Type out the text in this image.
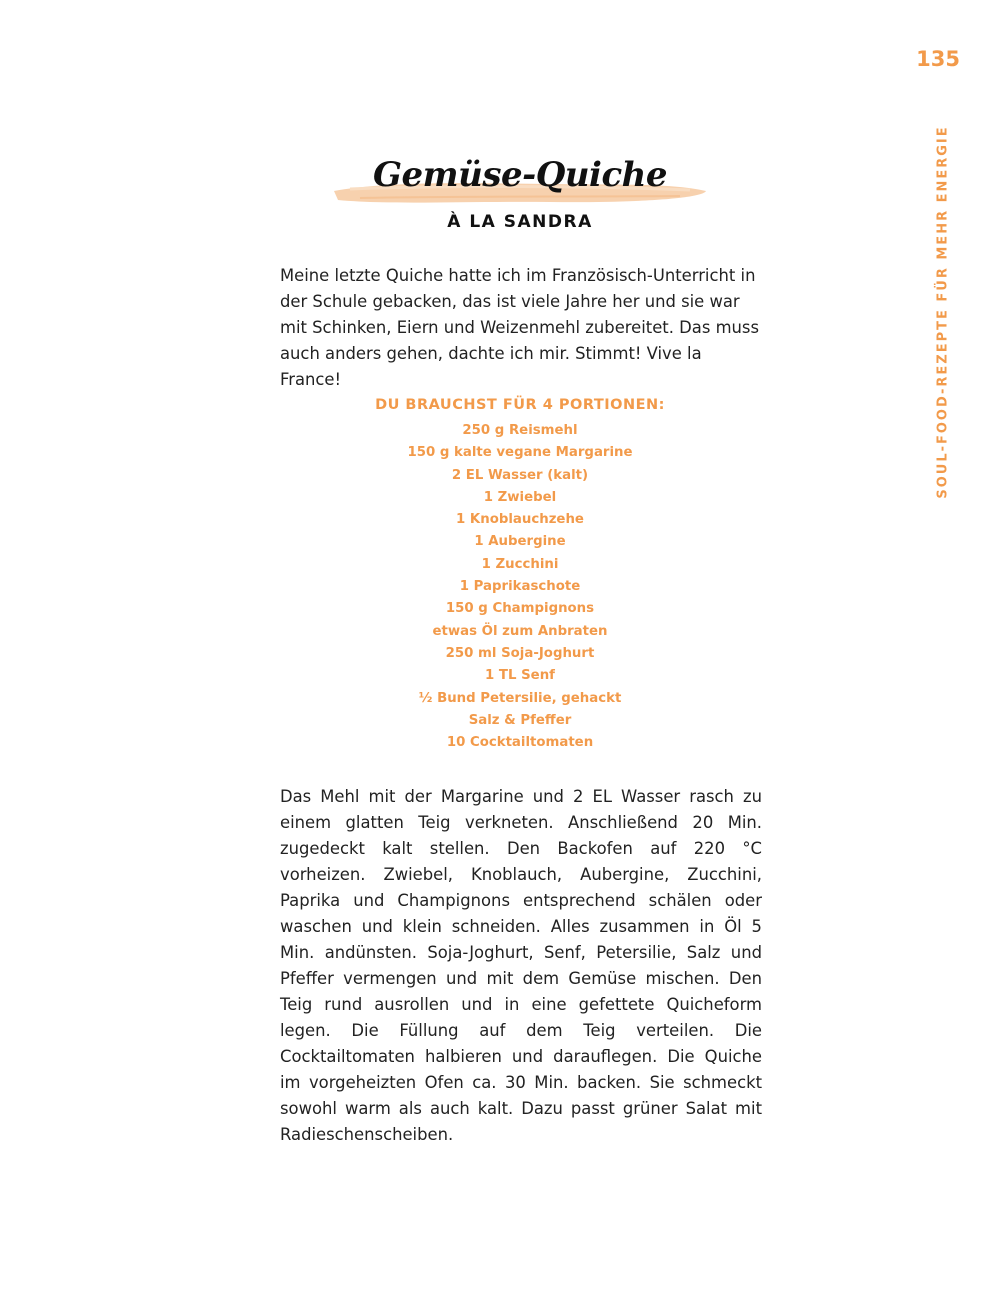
135
SOUL-FOOD-REZEPTE FÜR MEHR ENERGIE
Gemüse-Quiche
À LA SANDRA

Meine letzte Quiche hatte ich im Französisch-Unterricht in der Schule gebacken, das ist viele Jahre her und sie war mit Schinken, Eiern und Weizenmehl zubereitet. Das muss auch anders gehen, dachte ich mir. Stimmt! Vive la France!

DU BRAUCHST FÜR 4 PORTIONEN:
250 g Reismehl
150 g kalte vegane Margarine
2 EL Wasser (kalt)
1 Zwiebel
1 Knoblauchzehe
1 Aubergine
1 Zucchini
1 Paprikaschote
150 g Champignons
etwas Öl zum Anbraten
250 ml Soja-Joghurt
1 TL Senf
½ Bund Petersilie, gehackt
Salz & Pfeffer
10 Cocktailtomaten

Das Mehl mit der Margarine und 2 EL Wasser rasch zu einem glatten Teig verkneten. Anschließend 20 Min. zugedeckt kalt stellen. Den Backofen auf 220 °C vorheizen. Zwiebel, Knoblauch, Aubergine, Zucchini, Paprika und Champignons entsprechend schälen oder waschen und klein schneiden. Alles zusammen in Öl 5 Min. andünsten. Soja-Joghurt, Senf, Petersilie, Salz und Pfeffer vermengen und mit dem Gemüse mischen. Den Teig rund ausrollen und in eine gefettete Quicheform legen. Die Füllung auf dem Teig verteilen. Die Cocktailtomaten halbieren und darauflegen. Die Quiche im vorgeheizten Ofen ca. 30 Min. backen. Sie schmeckt sowohl warm als auch kalt. Dazu passt grüner Salat mit Radieschenscheiben.
